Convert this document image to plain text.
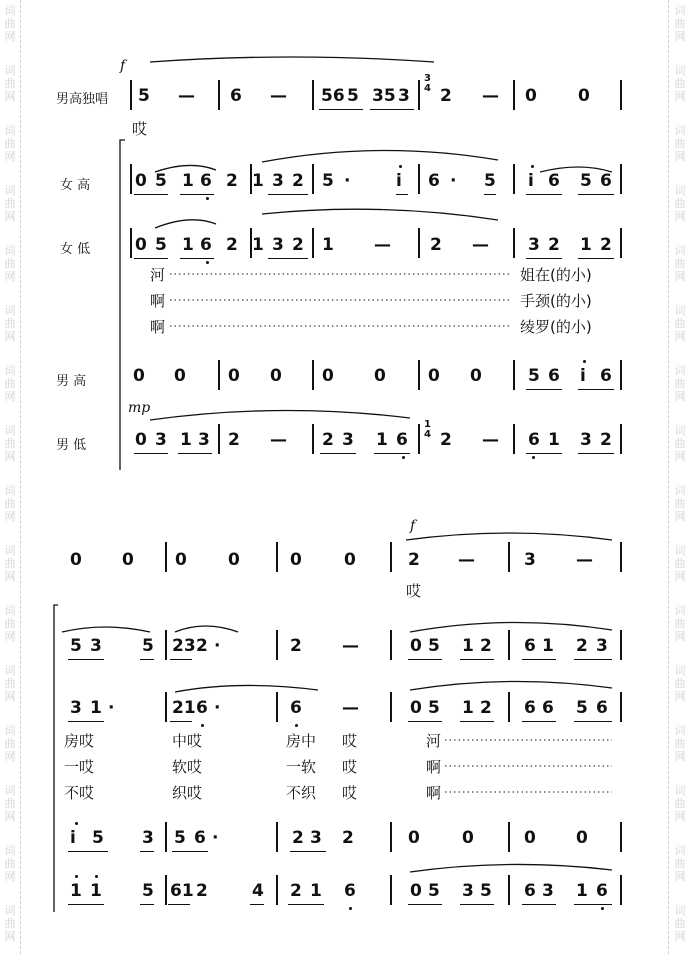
词曲网
词曲网
词曲网
词曲网
词曲网
词曲网
词曲网
词曲网
词曲网
词曲网
词曲网
词曲网
词曲网
词曲网
词曲网
词曲网
词曲网
词曲网
词曲网
词曲网
词曲网
词曲网
词曲网
词曲网
词曲网
词曲网
词曲网
词曲网
词曲网
词曲网
词曲网
词曲网
男高独唱
f
5 — 6 — 56 5 35 3
3
4 2 — 0 0
哎
女 高	0 5 1 6 2 1 3 2 5 ·	i 6 · 5 i 6 5 6
女 低	0 5 1 6 2 1 3 2 1 — 2 — 3 2 1 2
河	姐在(的小)
啊	手颈(的小)
啊	绫罗(的小)
男 高	0 0 0 0 0 0 0 0	5 6 i 6
男 低
mp
0 3 1 3 2 — 2 3 1 6
1
4 2 — 6 1 3 2
f
0 0 0 0	0 0	2 —	3 —
哎
5 3 5 23 2 ·	2 —	0 5 1 2 6 1 2 3
3 1 ·	21 6 ·	6 —	0 5 1 2 6 6 5 6
房哎	中哎	房中 哎	河
一哎	软哎	一软 哎	啊
不哎	织哎	不织 哎	啊
i 5 3 5 6 ·	2 3 2	0 0	0 0
1 1 5 61 2	4 2 1 6	0 5 3 5 6 3 1 6
